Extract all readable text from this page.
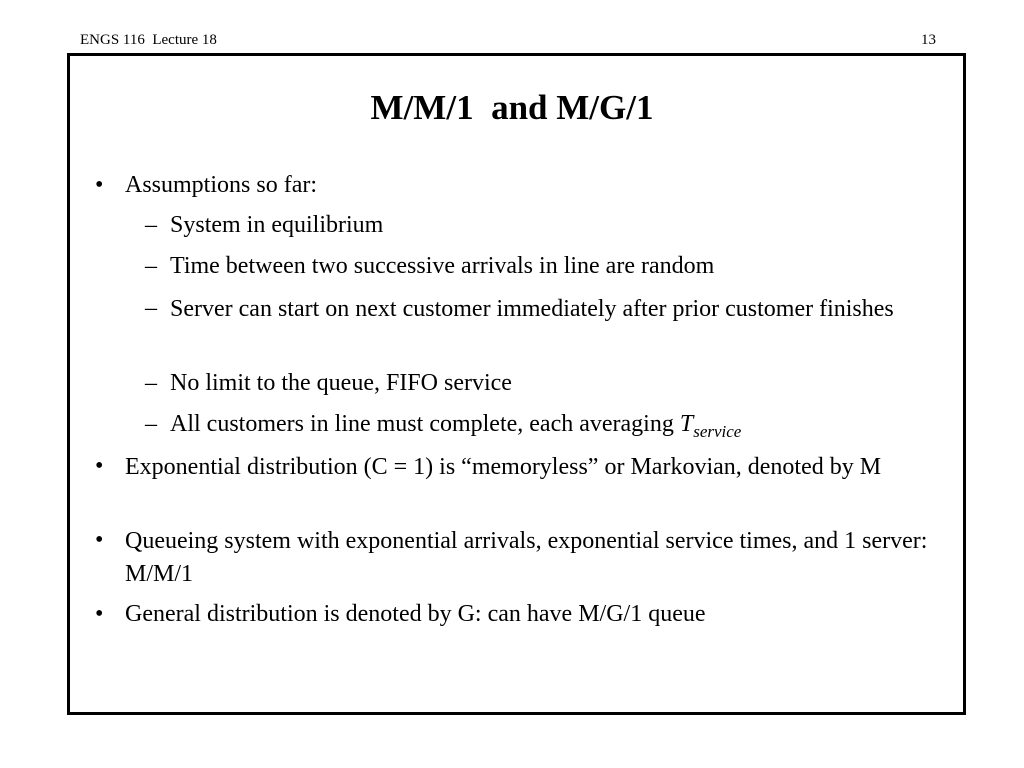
ENGS 116  Lecture 18	13
M/M/1  and M/G/1
• Assumptions so far:
– System in equilibrium
– Time between two successive arrivals in line are random
– Server can start on next customer immediately after prior customer finishes
– No limit to the queue, FIFO service
– All customers in line must complete, each averaging $T_{service}$
• Exponential distribution (C = 1) is “memoryless” or Markovian, denoted by M
• Queueing system with exponential arrivals, exponential service times, and 1 server: M/M/1
• General distribution is denoted by G: can have M/G/1 queue
